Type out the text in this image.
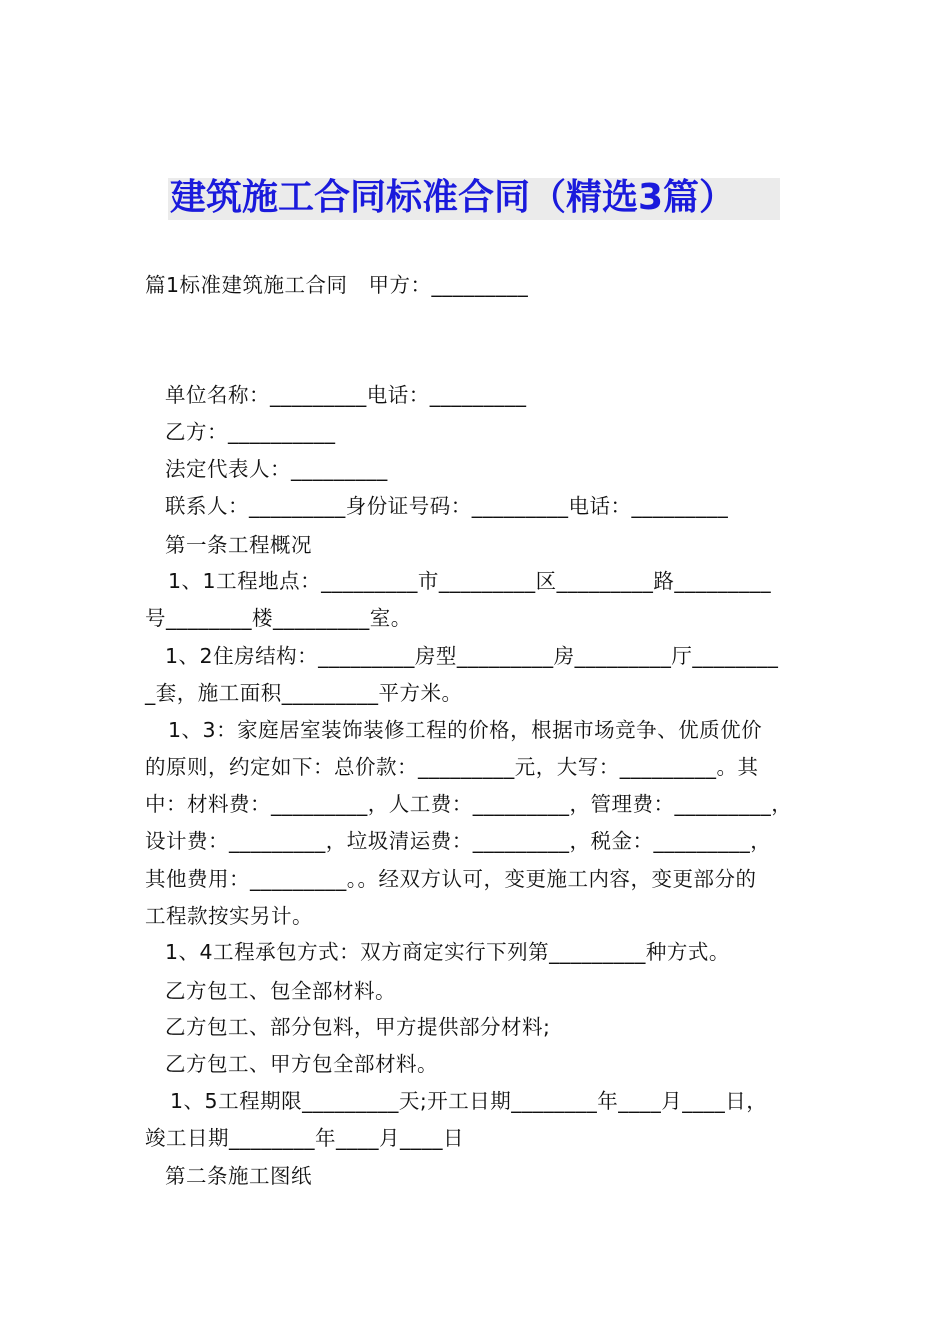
建筑施工合同标准合同（精选3篇）
篇1标准建筑施工合同　甲方：_________
单位名称：_________电话：_________
乙方：__________
法定代表人：_________
联系人：_________身份证号码：_________电话：_________
第一条工程概况
1、1工程地点：_________市_________区_________路_________
号________楼_________室。
1、2住房结构：_________房型_________房_________厅________
_套，施工面积_________平方米。
1、3：家庭居室装饰装修工程的价格，根据市场竞争、优质优价
的原则，约定如下：总价款：_________元，大写：_________。其
中：材料费：_________，人工费：_________，管理费：_________，
设计费：_________，垃圾清运费：_________，税金：_________，
其他费用：_________。。经双方认可，变更施工内容，变更部分的
工程款按实另计。
1、4工程承包方式：双方商定实行下列第_________种方式。
乙方包工、包全部材料。
乙方包工、部分包料，甲方提供部分材料;
乙方包工、甲方包全部材料。
1、5工程期限_________天;开工日期________年____月____日，
竣工日期________年____月____日
第二条施工图纸
